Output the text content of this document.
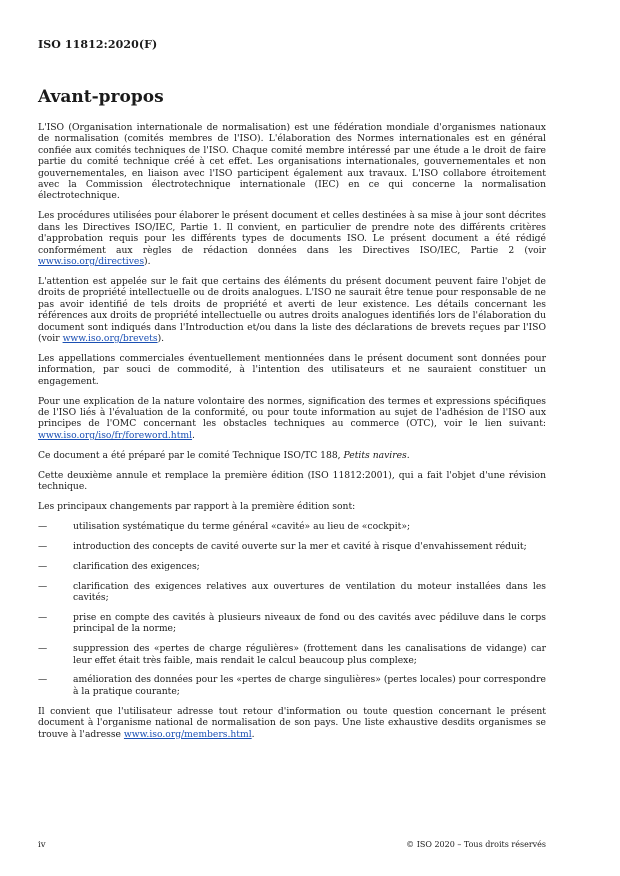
ISO 11812:2020(F)
Avant-propos

L'ISO (Organisation internationale de normalisation) est une fédération mondiale d'organismes nationaux de normalisation (comités membres de l'ISO). L'élaboration des Normes internationales est en général confiée aux comités techniques de l'ISO. Chaque comité membre intéressé par une étude a le droit de faire partie du comité technique créé à cet effet. Les organisations internationales, gouvernementales et non gouvernementales, en liaison avec l'ISO participent également aux travaux. L'ISO collabore étroitement avec la Commission électrotechnique internationale (IEC) en ce qui concerne la normalisation électrotechnique.

Les procédures utilisées pour élaborer le présent document et celles destinées à sa mise à jour sont décrites dans les Directives ISO/IEC, Partie 1. Il convient, en particulier de prendre note des différents critères d'approbation requis pour les différents types de documents ISO. Le présent document a été rédigé conformément aux règles de rédaction données dans les Directives ISO/IEC, Partie 2 (voir www.iso.org/directives).

L'attention est appelée sur le fait que certains des éléments du présent document peuvent faire l'objet de droits de propriété intellectuelle ou de droits analogues. L'ISO ne saurait être tenue pour responsable de ne pas avoir identifié de tels droits de propriété et averti de leur existence. Les détails concernant les références aux droits de propriété intellectuelle ou autres droits analogues identifiés lors de l'élaboration du document sont indiqués dans l'Introduction et/ou dans la liste des déclarations de brevets reçues par l'ISO (voir www.iso.org/brevets).

Les appellations commerciales éventuellement mentionnées dans le présent document sont données pour information, par souci de commodité, à l'intention des utilisateurs et ne sauraient constituer un engagement.

Pour une explication de la nature volontaire des normes, signification des termes et expressions spécifiques de l'ISO liés à l'évaluation de la conformité, ou pour toute information au sujet de l'adhésion de l'ISO aux principes de l'OMC concernant les obstacles techniques au commerce (OTC), voir le lien suivant: www.iso.org/iso/fr/foreword.html.

Ce document a été préparé par le comité Technique ISO/TC 188, Petits navires.

Cette deuxième annule et remplace la première édition (ISO 11812:2001), qui a fait l'objet d'une révision technique.

Les principaux changements par rapport à la première édition sont:

—	utilisation systématique du terme général «cavité» au lieu de «cockpit»;
—	introduction des concepts de cavité ouverte sur la mer et cavité à risque d'envahissement réduit;
—	clarification des exigences;
—	clarification des exigences relatives aux ouvertures de ventilation du moteur installées dans les cavités;
—	prise en compte des cavités à plusieurs niveaux de fond ou des cavités avec pédiluve dans le corps principal de la norme;
—	suppression des «pertes de charge régulières» (frottement dans les canalisations de vidange) car leur effet était très faible, mais rendait le calcul beaucoup plus complexe;
—	amélioration des données pour les «pertes de charge singulières» (pertes locales) pour correspondre à la pratique courante;

Il convient que l'utilisateur adresse tout retour d'information ou toute question concernant le présent document à l'organisme national de normalisation de son pays. Une liste exhaustive desdits organismes se trouve à l'adresse www.iso.org/members.html.

iv	© ISO 2020 – Tous droits réservés
